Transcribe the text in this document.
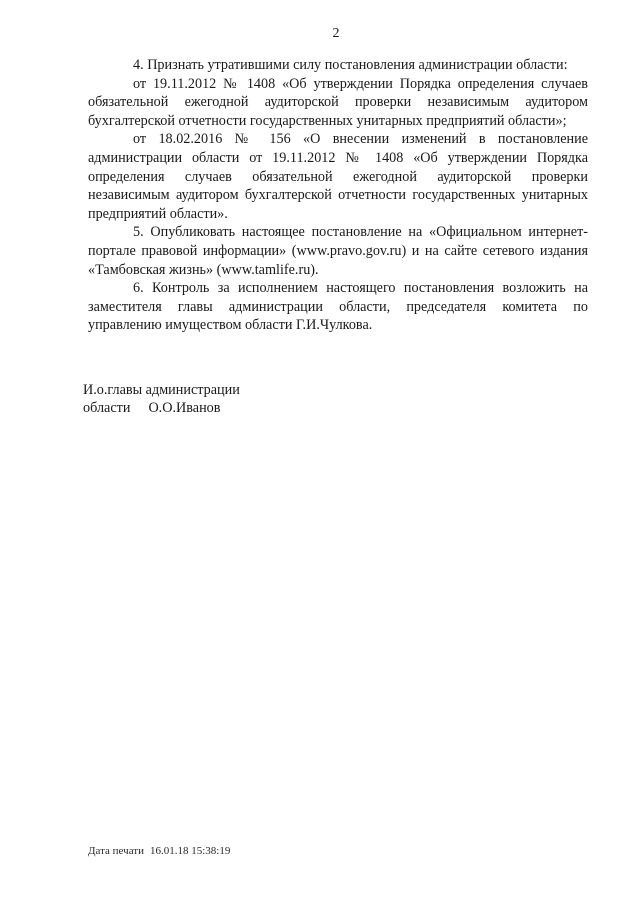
2

4. Признать утратившими силу постановления администрации области:

от 19.11.2012 № 1408 «Об утверждении Порядка определения случаев обязательной ежегодной аудиторской проверки независимым аудитором бухгалтерской отчетности государственных унитарных предприятий области»;

от 18.02.2016 № 156 «О внесении изменений в постановление администрации области от 19.11.2012 № 1408 «Об утверждении Порядка определения случаев обязательной ежегодной аудиторской проверки независимым аудитором бухгалтерской отчетности государственных унитарных предприятий области».

5. Опубликовать настоящее постановление на «Официальном интернет-портале правовой информации» (www.pravo.gov.ru) и на сайте сетевого издания «Тамбовская жизнь» (www.tamlife.ru).

6. Контроль за исполнением настоящего постановления возложить на заместителя главы администрации области, председателя комитета по управлению имуществом области Г.И.Чулкова.

И.о.главы администрации
области О.О.Иванов
Дата печати 16.01.18 15:38:19
